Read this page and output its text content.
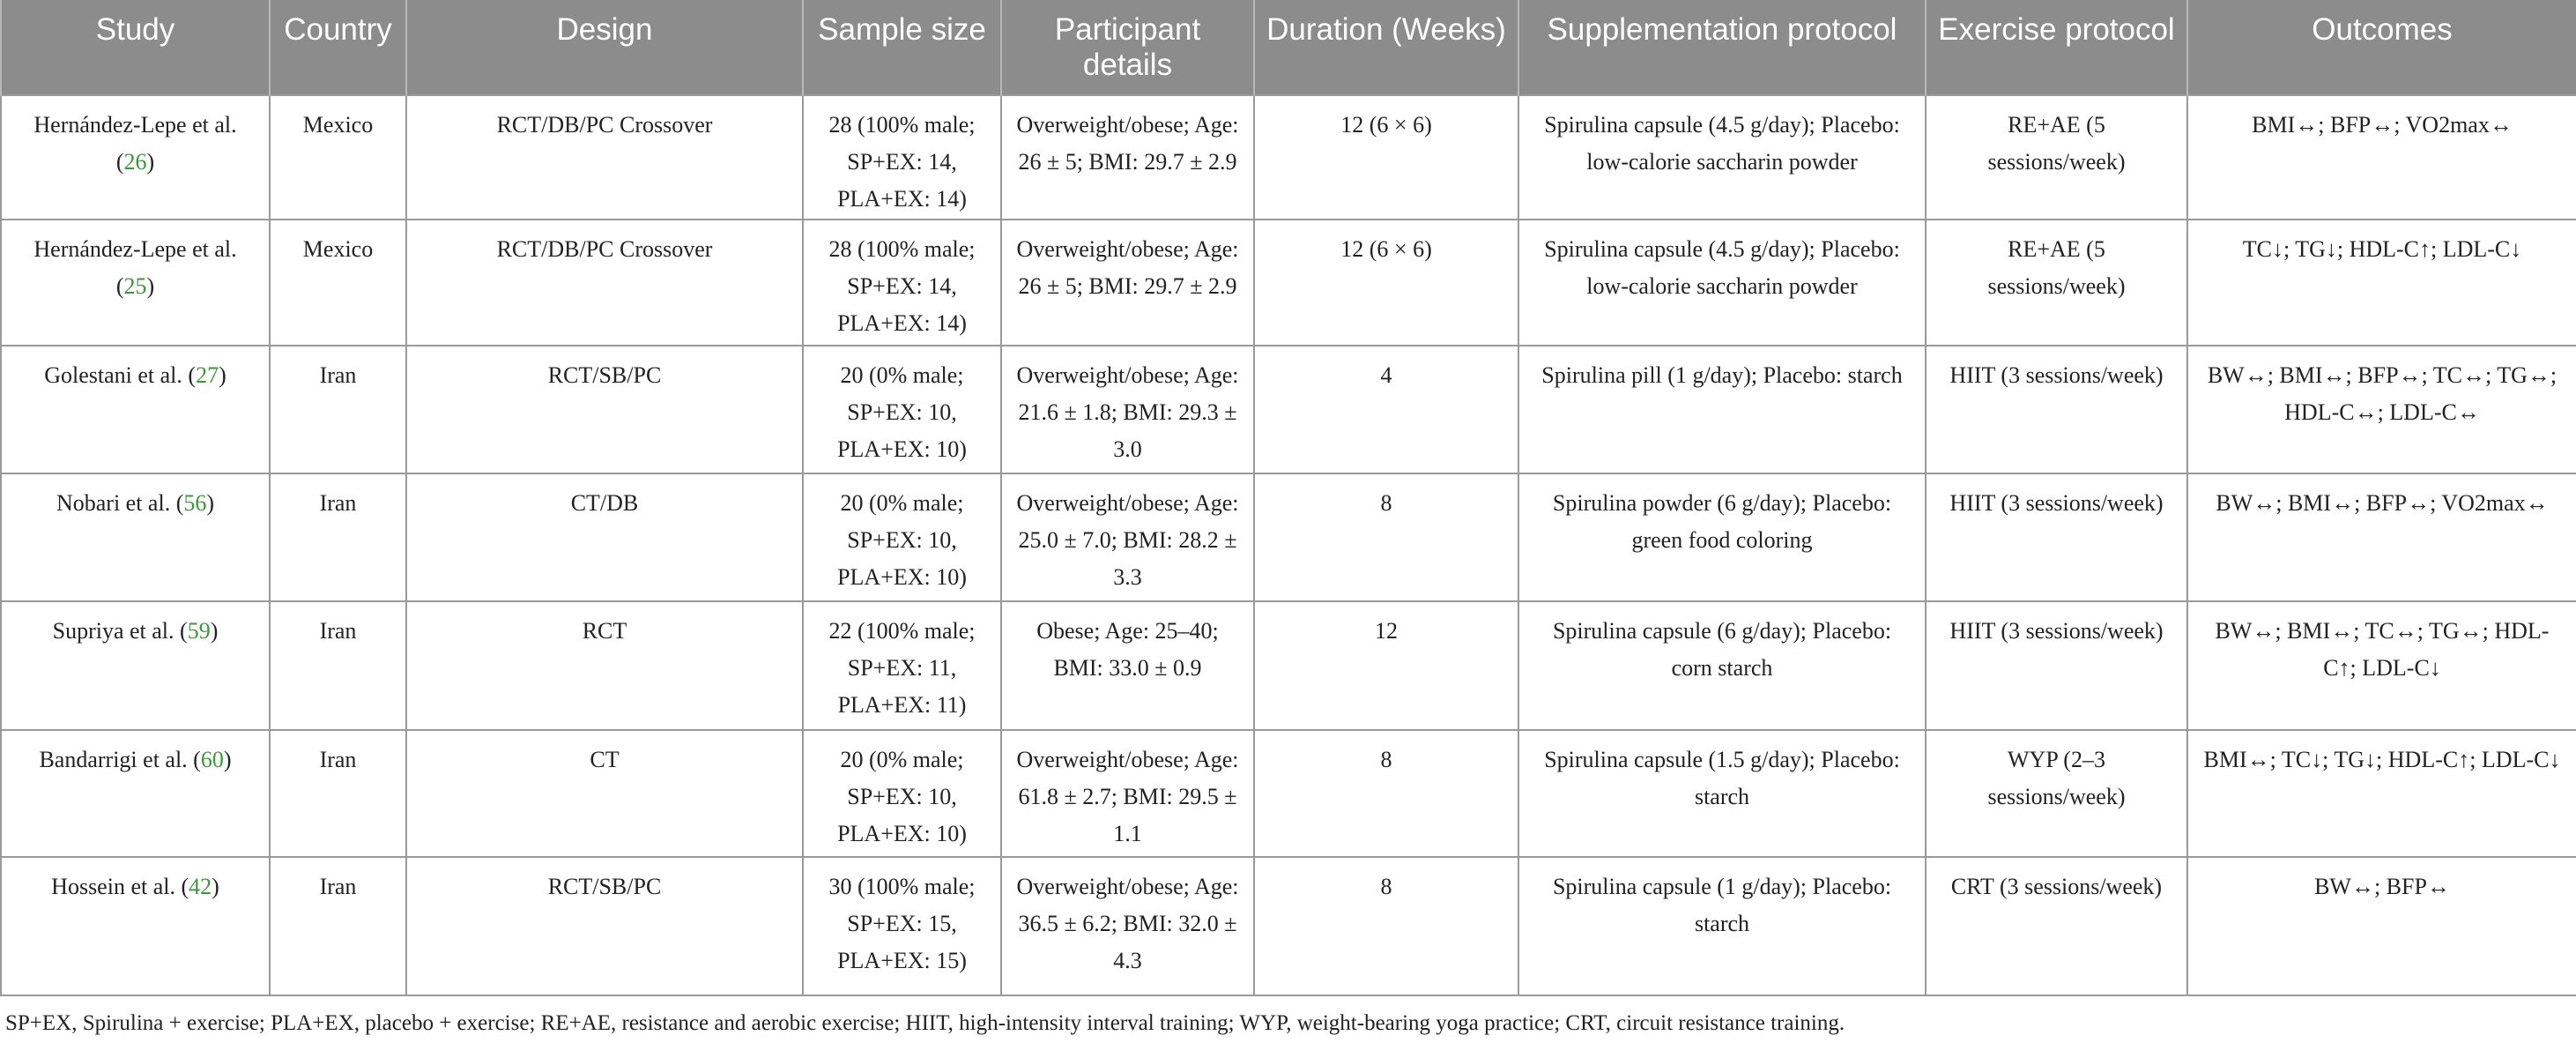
Study	Country	Design	Sample size	Participant details	Duration (Weeks)	Supplementation protocol	Exercise protocol	Outcomes
Hernández-Lepe et al. (26)	Mexico	RCT/DB/PC Crossover	28 (100% male; SP+EX: 14, PLA+EX: 14)	Overweight/obese; Age: 26 ± 5; BMI: 29.7 ± 2.9	12 (6 × 6)	Spirulina capsule (4.5 g/day); Placebo: low-calorie saccharin powder	RE+AE (5 sessions/week)	BMI↔; BFP↔; VO2max↔
Hernández-Lepe et al. (25)	Mexico	RCT/DB/PC Crossover	28 (100% male; SP+EX: 14, PLA+EX: 14)	Overweight/obese; Age: 26 ± 5; BMI: 29.7 ± 2.9	12 (6 × 6)	Spirulina capsule (4.5 g/day); Placebo: low-calorie saccharin powder	RE+AE (5 sessions/week)	TC↓; TG↓; HDL-C↑; LDL-C↓
Golestani et al. (27)	Iran	RCT/SB/PC	20 (0% male; SP+EX: 10, PLA+EX: 10)	Overweight/obese; Age: 21.6 ± 1.8; BMI: 29.3 ± 3.0	4	Spirulina pill (1 g/day); Placebo: starch	HIIT (3 sessions/week)	BW↔; BMI↔; BFP↔; TC↔; TG↔; HDL-C↔; LDL-C↔
Nobari et al. (56)	Iran	CT/DB	20 (0% male; SP+EX: 10, PLA+EX: 10)	Overweight/obese; Age: 25.0 ± 7.0; BMI: 28.2 ± 3.3	8	Spirulina powder (6 g/day); Placebo: green food coloring	HIIT (3 sessions/week)	BW↔; BMI↔; BFP↔; VO2max↔
Supriya et al. (59)	Iran	RCT	22 (100% male; SP+EX: 11, PLA+EX: 11)	Obese; Age: 25–40; BMI: 33.0 ± 0.9	12	Spirulina capsule (6 g/day); Placebo: corn starch	HIIT (3 sessions/week)	BW↔; BMI↔; TC↔; TG↔; HDL-C↑; LDL-C↓
Bandarrigi et al. (60)	Iran	CT	20 (0% male; SP+EX: 10, PLA+EX: 10)	Overweight/obese; Age: 61.8 ± 2.7; BMI: 29.5 ± 1.1	8	Spirulina capsule (1.5 g/day); Placebo: starch	WYP (2–3 sessions/week)	BMI↔; TC↓; TG↓; HDL-C↑; LDL-C↓
Hossein et al. (42)	Iran	RCT/SB/PC	30 (100% male; SP+EX: 15, PLA+EX: 15)	Overweight/obese; Age: 36.5 ± 6.2; BMI: 32.0 ± 4.3	8	Spirulina capsule (1 g/day); Placebo: starch	CRT (3 sessions/week)	BW↔; BFP↔
SP+EX, Spirulina + exercise; PLA+EX, placebo + exercise; RE+AE, resistance and aerobic exercise; HIIT, high-intensity interval training; WYP, weight-bearing yoga practice; CRT, circuit resistance training.
